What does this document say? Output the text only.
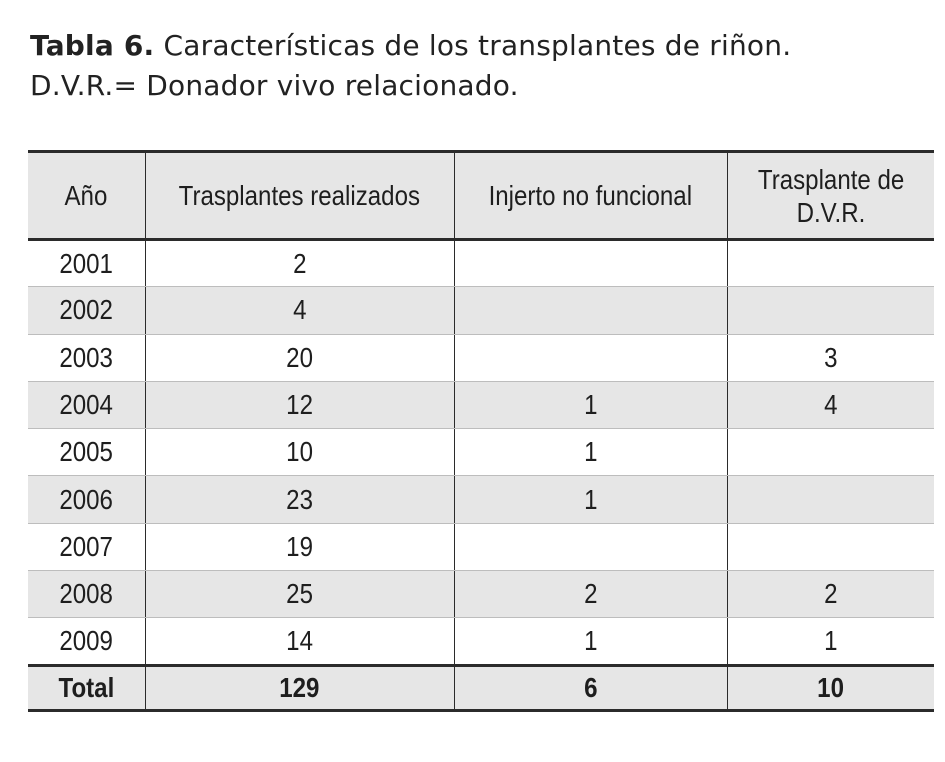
Tabla 6. Características de los transplantes de riñon.
D.V.R.= Donador vivo relacionado.
Año	Trasplantes realizados	Injerto no funcional	Trasplante de
D.V.R.
2001	2		
2002	4		
2003	20		3
2004	12	1	4
2005	10	1	
2006	23	1	
2007	19		
2008	25	2	2
2009	14	1	1
Total	129	6	10
